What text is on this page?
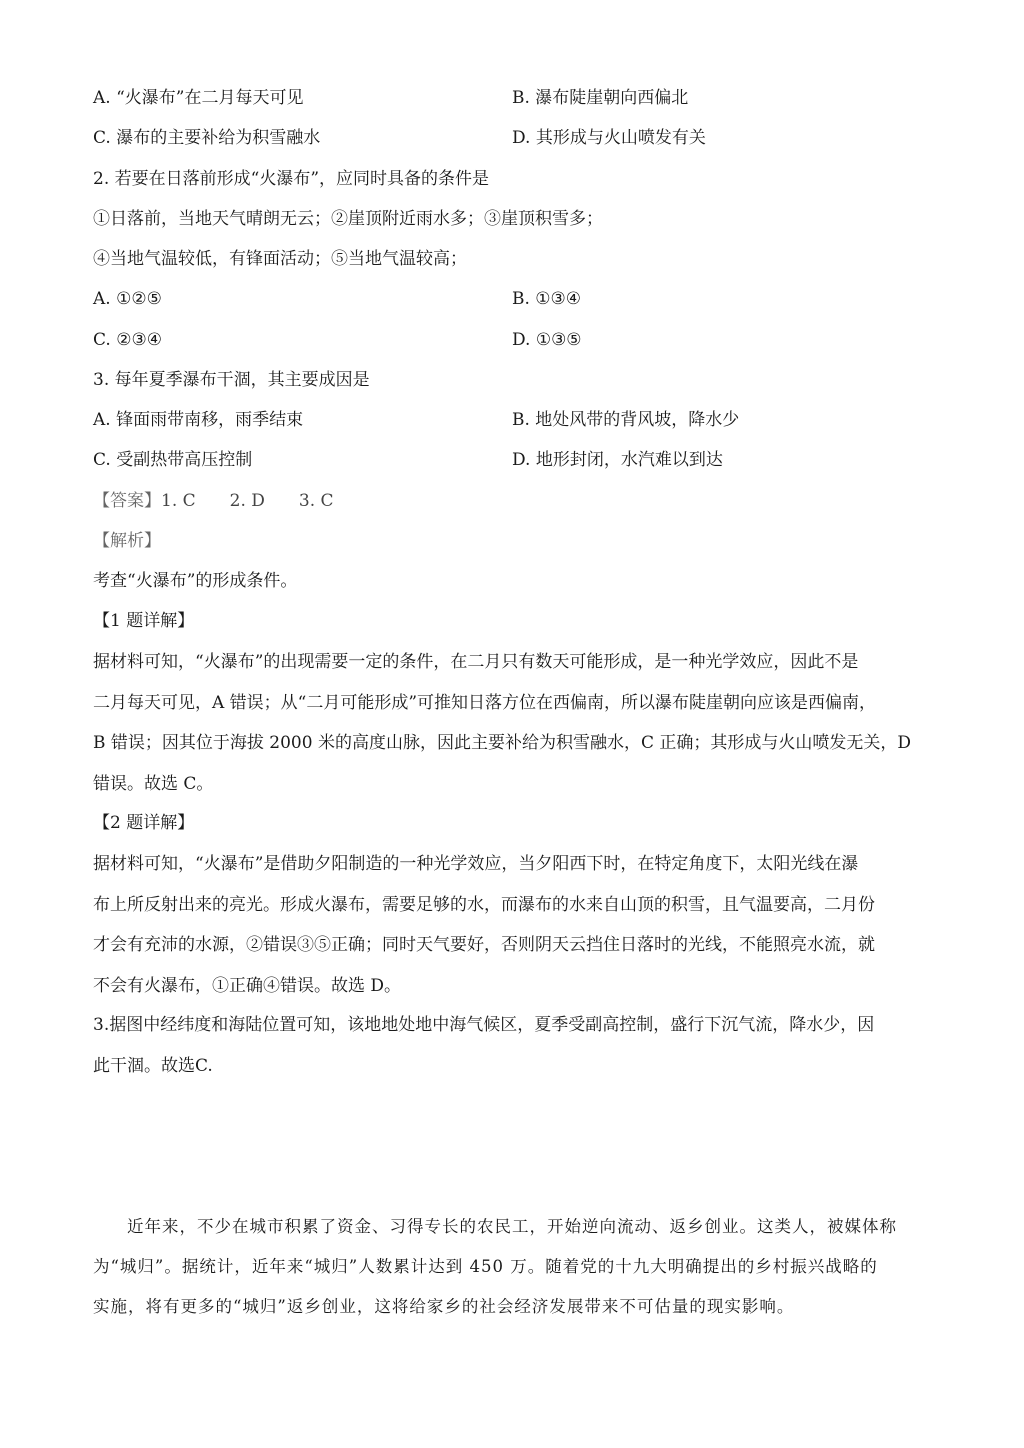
A. “火瀑布”在二月每天可见	B. 瀑布陡崖朝向西偏北
C. 瀑布的主要补给为积雪融水	D. 其形成与火山喷发有关
2. 若要在日落前形成“火瀑布”，应同时具备的条件是
①日落前，当地天气晴朗无云；②崖顶附近雨水多；③崖顶积雪多；
④当地气温较低，有锋面活动；⑤当地气温较高；
A. ①②⑤	B. ①③④
C. ②③④	D. ①③⑤
3. 每年夏季瀑布干涸，其主要成因是
A. 锋面雨带南移，雨季结束	B. 地处风带的背风坡，降水少
C. 受副热带高压控制	D. 地形封闭，水汽难以到达
【答案】1. C 2. D 3. C
【解析】
考查“火瀑布”的形成条件。
【1 题详解】
据材料可知，“火瀑布”的出现需要一定的条件，在二月只有数天可能形成，是一种光学效应，因此不是
二月每天可见，A 错误；从“二月可能形成”可推知日落方位在西偏南，所以瀑布陡崖朝向应该是西偏南，
B 错误；因其位于海拔 2000 米的高度山脉，因此主要补给为积雪融水，C 正确；其形成与火山喷发无关，D
错误。故选 C。
【2 题详解】
据材料可知，“火瀑布”是借助夕阳制造的一种光学效应，当夕阳西下时，在特定角度下，太阳光线在瀑
布上所反射出来的亮光。形成火瀑布，需要足够的水，而瀑布的水来自山顶的积雪，且气温要高，二月份
才会有充沛的水源，②错误③⑤正确；同时天气要好，否则阴天云挡住日落时的光线，不能照亮水流，就
不会有火瀑布，①正确④错误。故选 D。
3.据图中经纬度和海陆位置可知，该地地处地中海气候区，夏季受副高控制，盛行下沉气流，降水少，因
此干涸。故选C.
近年来，不少在城市积累了资金、习得专长的农民工，开始逆向流动、返乡创业。这类人，被媒体称
为“城归”。据统计，近年来“城归”人数累计达到 450 万。随着党的十九大明确提出的乡村振兴战略的
实施，将有更多的“城归”返乡创业，这将给家乡的社会经济发展带来不可估量的现实影响。
